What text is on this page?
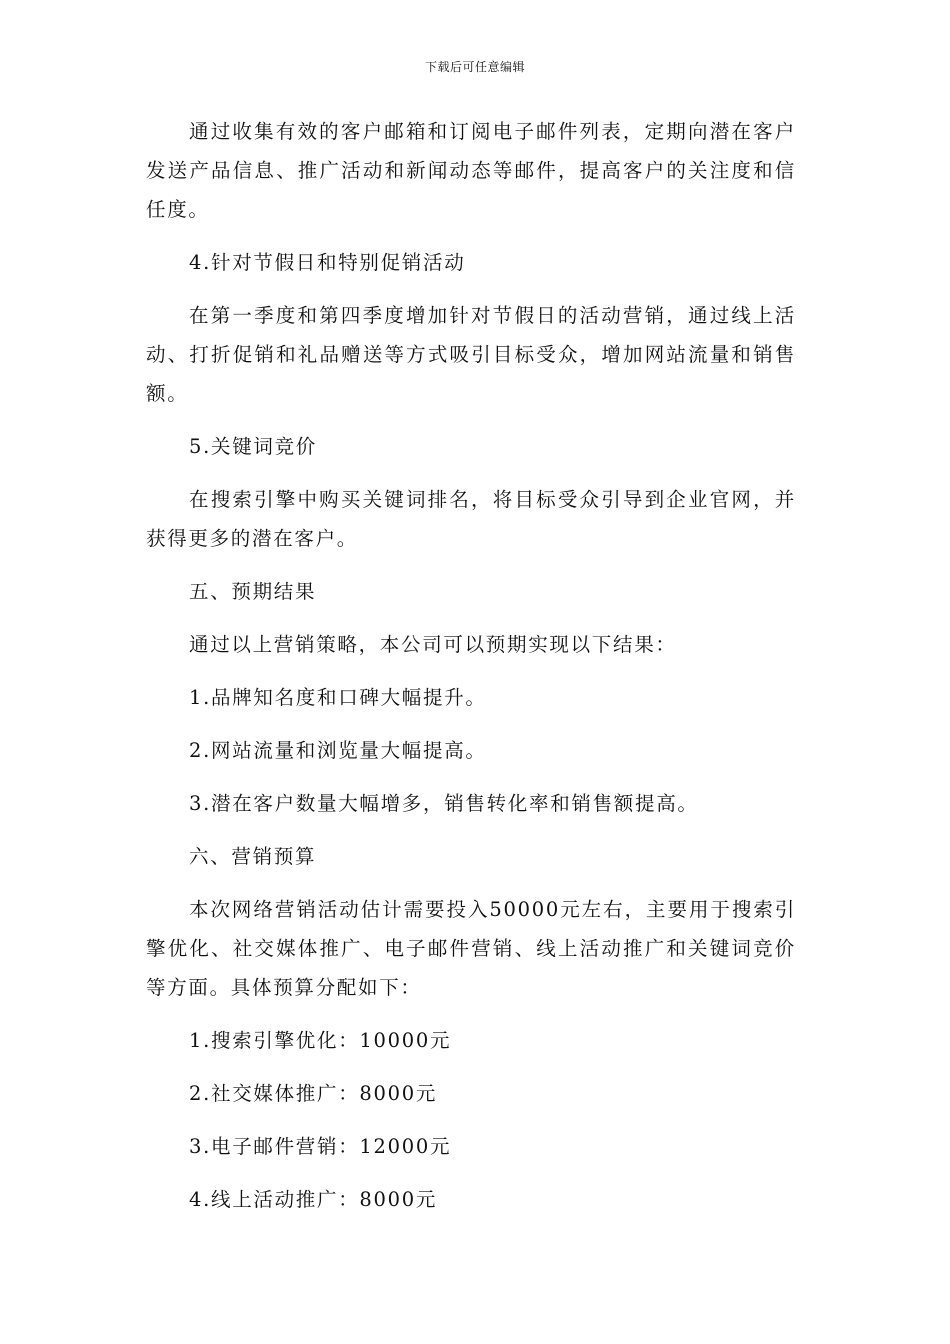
下载后可任意编辑

通过收集有效的客户邮箱和订阅电子邮件列表，定期向潜在客户发送产品信息、推广活动和新闻动态等邮件，提高客户的关注度和信任度。

4.针对节假日和特别促销活动

在第一季度和第四季度增加针对节假日的活动营销，通过线上活动、打折促销和礼品赠送等方式吸引目标受众，增加网站流量和销售额。

5.关键词竞价

在搜索引擎中购买关键词排名，将目标受众引导到企业官网，并获得更多的潜在客户。

五、预期结果

通过以上营销策略，本公司可以预期实现以下结果：

1.品牌知名度和口碑大幅提升。

2.网站流量和浏览量大幅提高。

3.潜在客户数量大幅增多，销售转化率和销售额提高。

六、营销预算

本次网络营销活动估计需要投入50000元左右，主要用于搜索引擎优化、社交媒体推广、电子邮件营销、线上活动推广和关键词竞价等方面。具体预算分配如下：

1.搜索引擎优化：10000元

2.社交媒体推广：8000元

3.电子邮件营销：12000元

4.线上活动推广：8000元
